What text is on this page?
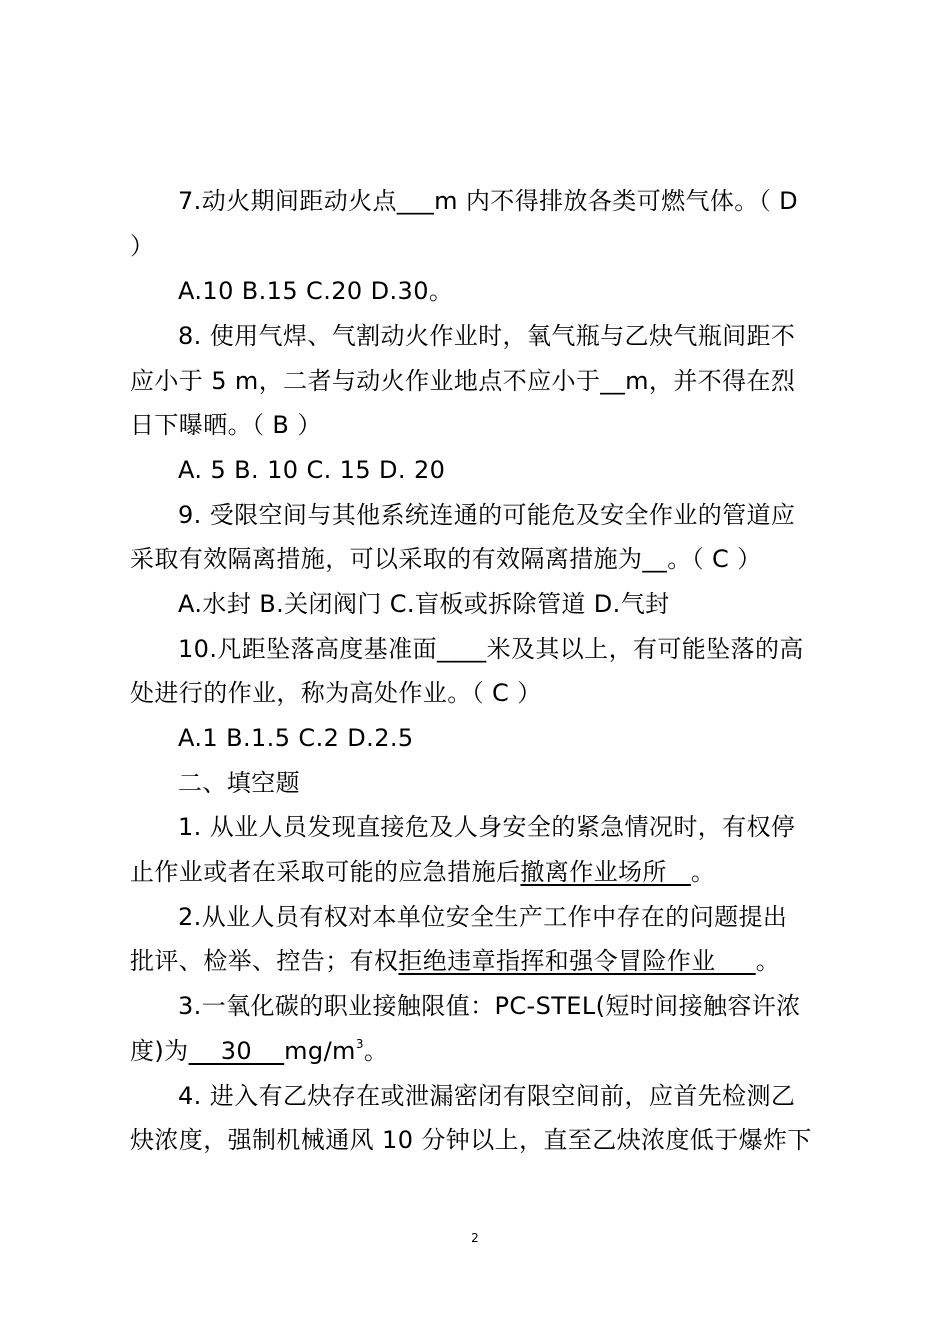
7.动火期间距动火点___m 内不得排放各类可燃气体。（ D
）
A.10 B.15 C.20 D.30。
8. 使用气焊、气割动火作业时，氧气瓶与乙炔气瓶间距不
应小于 5 m，二者与动火作业地点不应小于__m，并不得在烈
日下曝晒。（ B ）
A. 5 B. 10 C. 15 D. 20
9. 受限空间与其他系统连通的可能危及安全作业的管道应
采取有效隔离措施，可以采取的有效隔离措施为__。（ C ）
A.水封 B.关闭阀门 C.盲板或拆除管道 D.气封
10.凡距坠落高度基准面____米及其以上，有可能坠落的高
处进行的作业，称为高处作业。（ C ）
A.1 B.1.5 C.2 D.2.5
二、填空题
1. 从业人员发现直接危及人身安全的紧急情况时，有权停
止作业或者在采取可能的应急措施后撤离作业场所   。
2.从业人员有权对本单位安全生产工作中存在的问题提出
批评、检举、控告；有权拒绝违章指挥和强令冒险作业     。
3.一氧化碳的职业接触限值：PC-STEL(短时间接触容许浓
度)为    30    $mg/m^3$。
4. 进入有乙炔存在或泄漏密闭有限空间前，应首先检测乙
炔浓度，强制机械通风 10 分钟以上，直至乙炔浓度低于爆炸下
2
